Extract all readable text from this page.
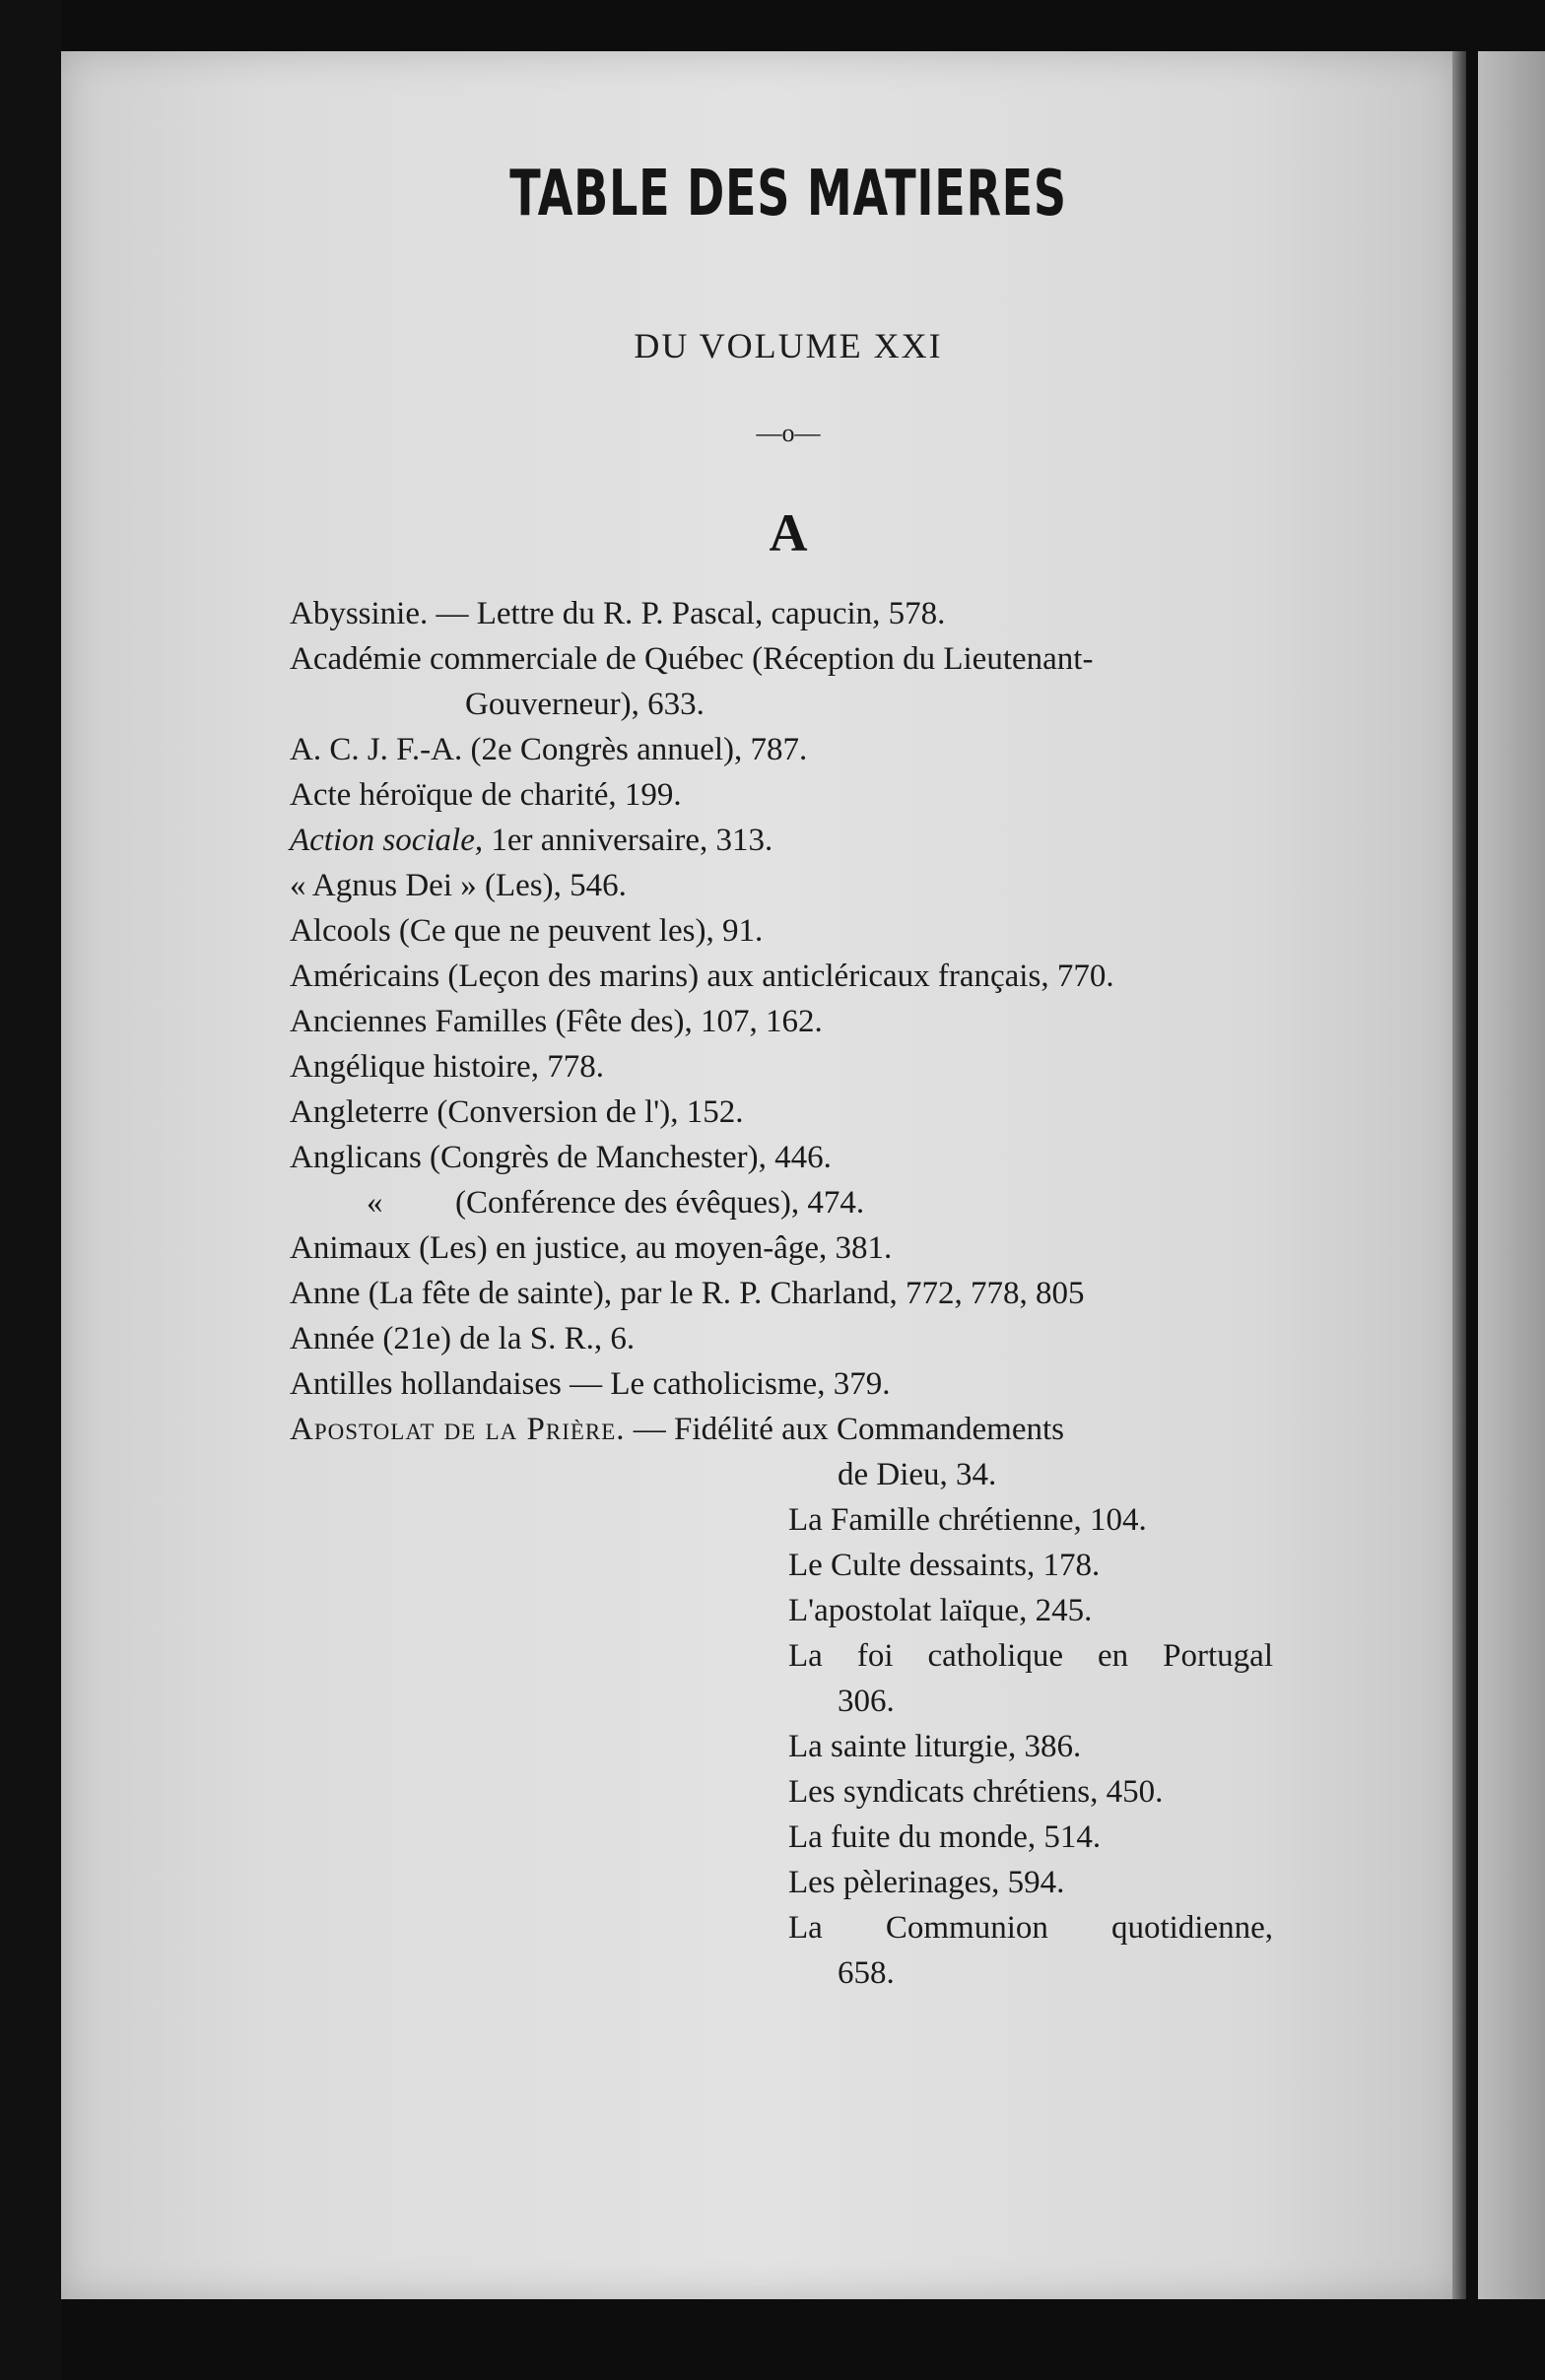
TABLE DES MATIERES
DU VOLUME XXI
—o—
A
Abyssinie. — Lettre du R. P. Pascal, capucin, 578.
Académie commerciale de Québec (Réception du Lieutenant-
Gouverneur), 633.
A. C. J. F.-A. (2e Congrès annuel), 787.
Acte héroïque de charité, 199.
Action sociale, 1er anniversaire, 313.
« Agnus Dei » (Les), 546.
Alcools (Ce que ne peuvent les), 91.
Américains (Leçon des marins) aux anticléricaux français, 770.
Anciennes Familles (Fête des), 107, 162.
Angélique histoire, 778.
Angleterre (Conversion de l'), 152.
Anglicans (Congrès de Manchester), 446.
« (Conférence des évêques), 474.
Animaux (Les) en justice, au moyen-âge, 381.
Anne (La fête de sainte), par le R. P. Charland, 772, 778, 805
Année (21e) de la S. R., 6.
Antilles hollandaises — Le catholicisme, 379.
Apostolat de la Prière. — Fidélité aux Commandements
de Dieu, 34.
La Famille chrétienne, 104.
Le Culte dessaints, 178.
L'apostolat laïque, 245.
La foi catholique en Portugal
306.
La sainte liturgie, 386.
Les syndicats chrétiens, 450.
La fuite du monde, 514.
Les pèlerinages, 594.
La Communion quotidienne,
658.
